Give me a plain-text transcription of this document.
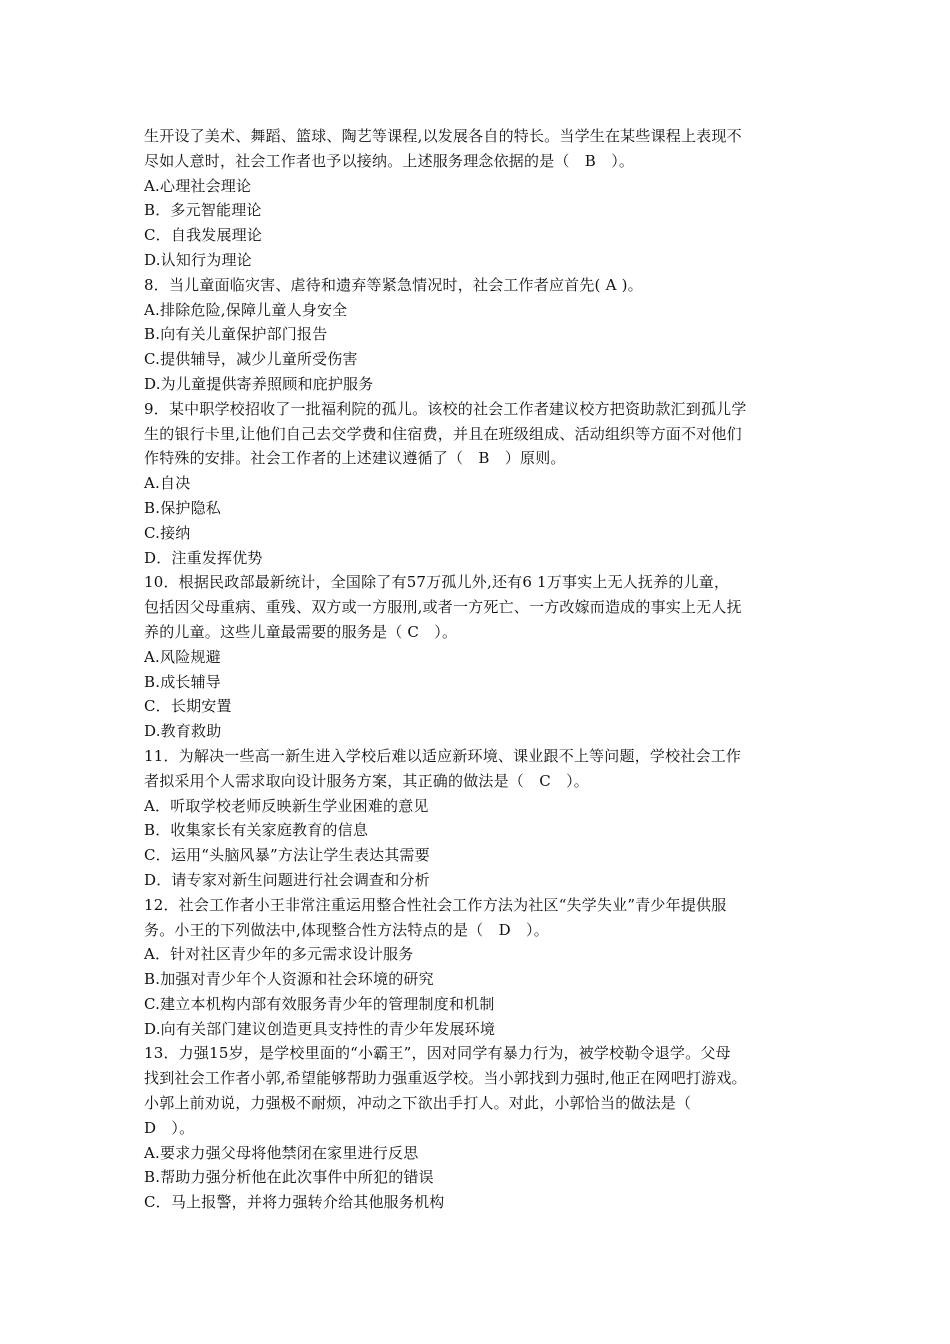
生开设了美术、舞蹈、篮球、陶艺等课程,以发展各自的特长。当学生在某些课程上表现不
尽如人意时，社会工作者也予以接纳。上述服务理念依据的是（　B　）。
A.心理社会理论
B．多元智能理论
C．自我发展理论
D.认知行为理论
8．当儿童面临灾害、虐待和遗弃等紧急情况时，社会工作者应首先( A )。
A.排除危险,保障儿童人身安全
B.向有关儿童保护部门报告
C.提供辅导，减少儿童所受伤害
D.为儿童提供寄养照顾和庇护服务
9．某中职学校招收了一批福利院的孤儿。该校的社会工作者建议校方把资助款汇到孤儿学
生的银行卡里,让他们自己去交学费和住宿费，并且在班级组成、活动组织等方面不对他们
作特殊的安排。社会工作者的上述建议遵循了（　B　）原则。
A.自决
B.保护隐私
C.接纳
D．注重发挥优势
10．根据民政部最新统计，全国除了有57万孤儿外,还有6 1万事实上无人抚养的儿童，
包括因父母重病、重残、双方或一方服刑,或者一方死亡、一方改嫁而造成的事实上无人抚
养的儿童。这些儿童最需要的服务是（ C　）。
A.风险规避
B.成长辅导
C．长期安置
D.教育救助
11．为解决一些高一新生进入学校后难以适应新环境、课业跟不上等问题，学校社会工作
者拟采用个人需求取向设计服务方案，其正确的做法是（　C　）。
A．听取学校老师反映新生学业困难的意见
B．收集家长有关家庭教育的信息
C．运用“头脑风暴”方法让学生表达其需要
D．请专家对新生问题进行社会调查和分析
12．社会工作者小王非常注重运用整合性社会工作方法为社区“失学失业”青少年提供服
务。小王的下列做法中,体现整合性方法特点的是（　D　）。
A．针对社区青少年的多元需求设计服务
B.加强对青少年个人资源和社会环境的研究
C.建立本机构内部有效服务青少年的管理制度和机制
D.向有关部门建议创造更具支持性的青少年发展环境
13．力强15岁，是学校里面的“小霸王”，因对同学有暴力行为，被学校勒令退学。父母
找到社会工作者小郭,希望能够帮助力强重返学校。当小郭找到力强时,他正在网吧打游戏。
小郭上前劝说，力强极不耐烦，冲动之下欲出手打人。对此，小郭恰当的做法是（
D　）。
A.要求力强父母将他禁闭在家里进行反思
B.帮助力强分析他在此次事件中所犯的错误
C．马上报警，并将力强转介给其他服务机构
